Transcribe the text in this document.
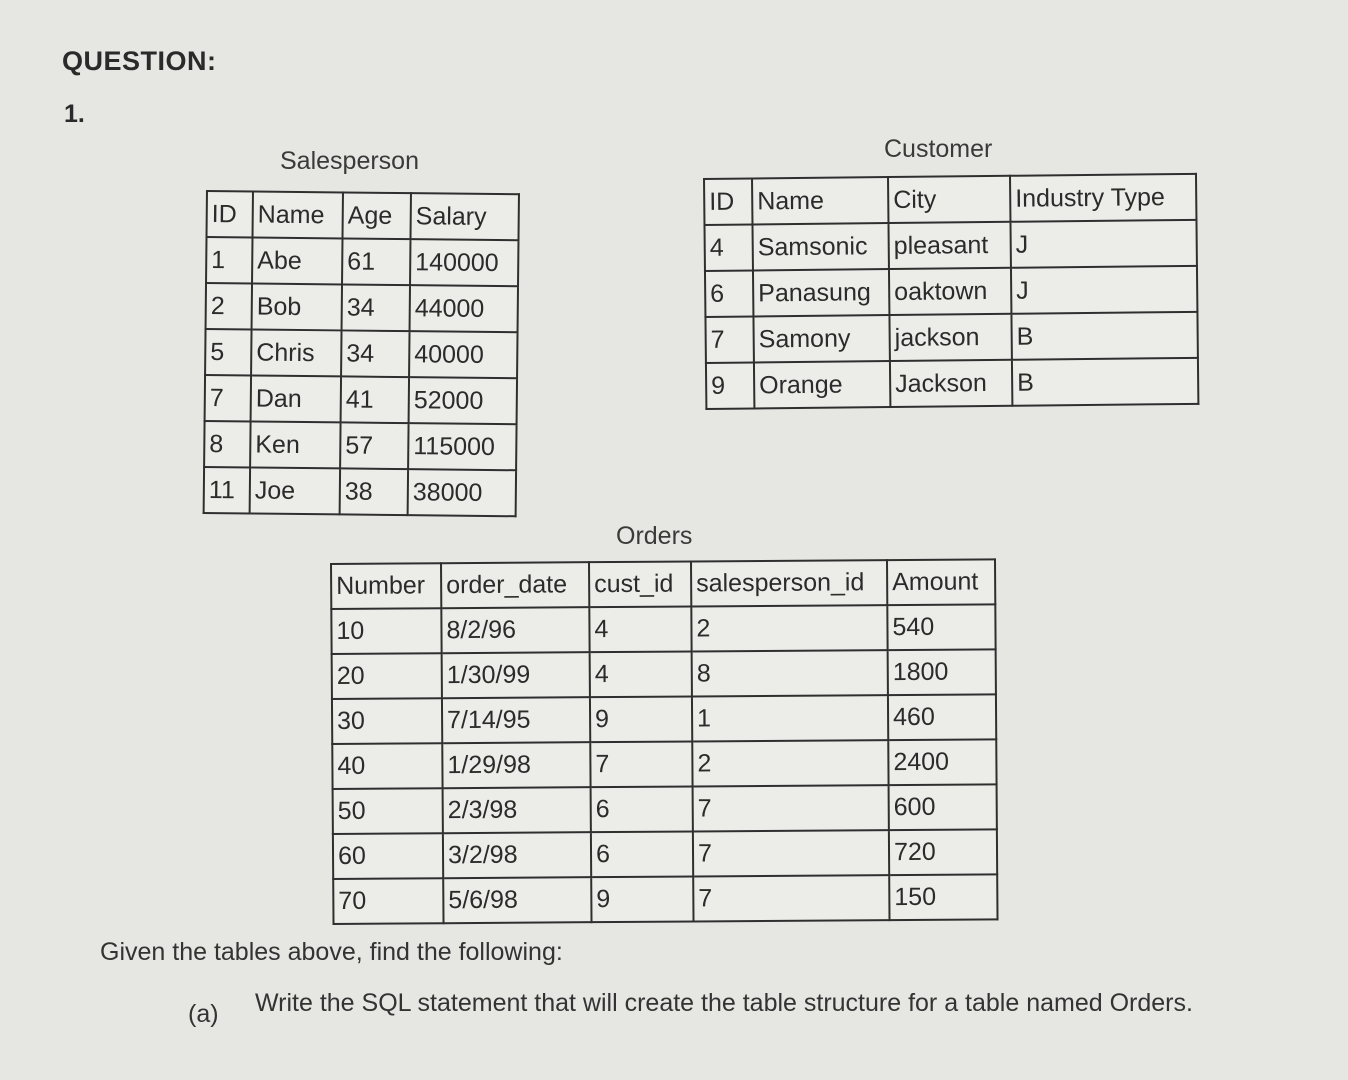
QUESTION:
1.
Salesperson
ID	Name	Age	Salary
1	Abe	61	140000
2	Bob	34	44000
5	Chris	34	40000
7	Dan	41	52000
8	Ken	57	115000
11	Joe	38	38000
Customer
ID	Name	City	Industry Type
4	Samsonic	pleasant	J
6	Panasung	oaktown	J
7	Samony	jackson	B
9	Orange	Jackson	B
Orders
Number	order_date	cust_id	salesperson_id	Amount
10	8/2/96	4	2	540
20	1/30/99	4	8	1800
30	7/14/95	9	1	460
40	1/29/98	7	2	2400
50	2/3/98	6	7	600
60	3/2/98	6	7	720
70	5/6/98	9	7	150
Given the tables above, find the following:
(a) Write the SQL statement that will create the table structure for a table named Orders.
